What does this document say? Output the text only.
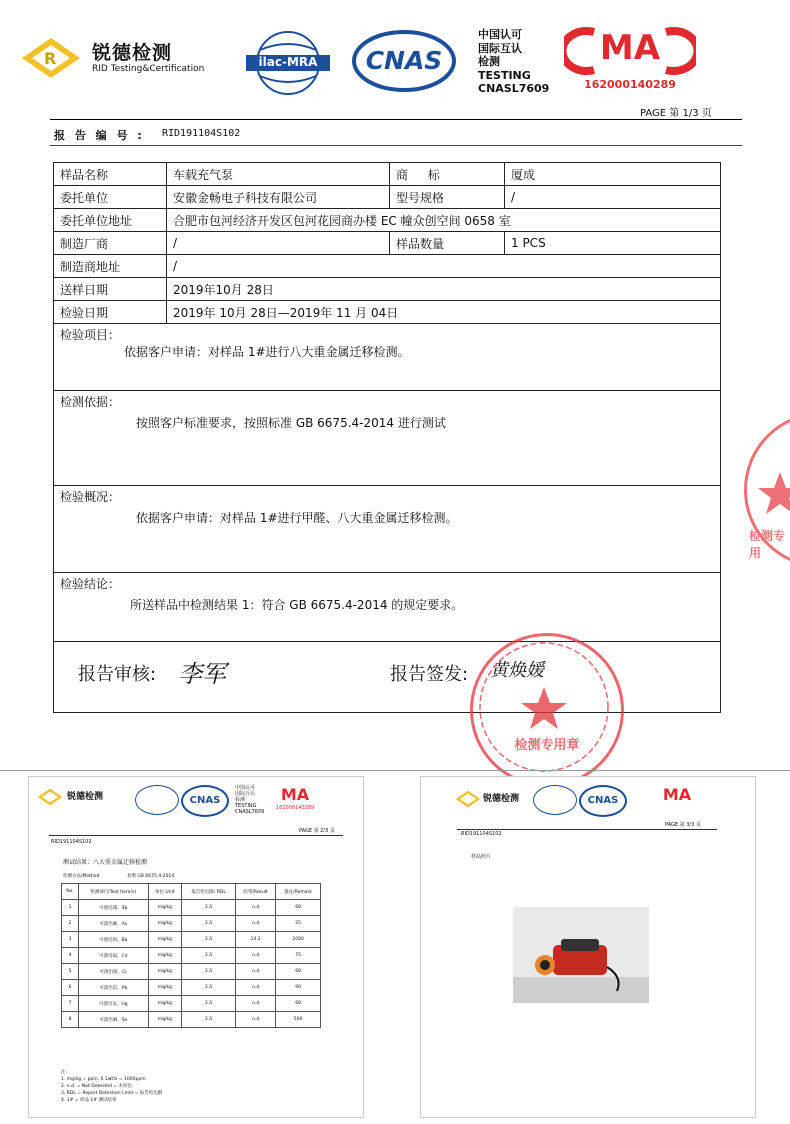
R 锐德检测
RID Testing&Certification	ilac-MRA	CNAS
中国认可
国际互认
检测
TESTING
CNASL7609
MA
162000140289
PAGE 第 1/3 页
报 告 编 号 : RID191104S102
样品名称	车载充气泵	商 标	厦成
委托单位	安徽金畅电子科技有限公司	型号规格	/
委托单位地址	合肥市包河经济开发区包河花园商办楼 EC 幢众创空间 0658 室		
制造厂商	/	样品数量	1 PCS
制造商地址	/		
送样日期	2019年10月 28日		
检验日期	2019年 10月 28日—2019年 11 月 04日		

检验项目：
依据客户申请：对样品 1#进行八大重金属迁移检测。			

检测依据：
按照客户标准要求，按照标准 GB 6675.4-2014 进行测试			

检验概况：
依据客户申请：对样品 1#进行甲醛、八大重金属迁移检测。			

检验结论：
所送样品中检测结果 1：符合 GB 6675.4-2014 的规定要求。			

报告审核: 李军 报告签发: 黄焕媛			
检测专用章
检测专用
锐德检测	CNAS
中国认可
国际互认
检测
TESTING
CNASL7609
MA
162000140289
PAGE 第 2/3 页
RID191104S102
测试结果：八大重金属迁移检测
检测方法/Method	参照 GB 6675.4-2014
No.	检测项目/Test Item(s)	单位 Unit	报告检出限/ RDL	结果/Result	备注/Remark
1	可溶出锑，Sb	mg/kg	2.5	n.d	60
2	可溶出砷，As	mg/kg	2.5	n.d	25
3	可溶出钡，Ba	mg/kg	2.5	14.2	1000
4	可溶出镉，Cd	mg/kg	2.5	n.d	75
5	可溶出铬，Cr	mg/kg	2.5	n.d	60
6	可溶出铅，Pb	mg/kg	2.5	n.d	90
7	可溶出汞，Hg	mg/kg	2.5	n.d	60
8	可溶出硒，Se	mg/kg	2.5	n.d	500
注:
1. mg/kg = ppm, 0.1wt% = 1000ppm
2. n.d. = Not Detected = 未检出
3. RDL = Report Detection Limit = 报告检出限
4. 1# = 样品 1# 测试结果
锐德检测	CNAS	MA
PAGE 第 3/3 页
RID191104S102
样品照片
